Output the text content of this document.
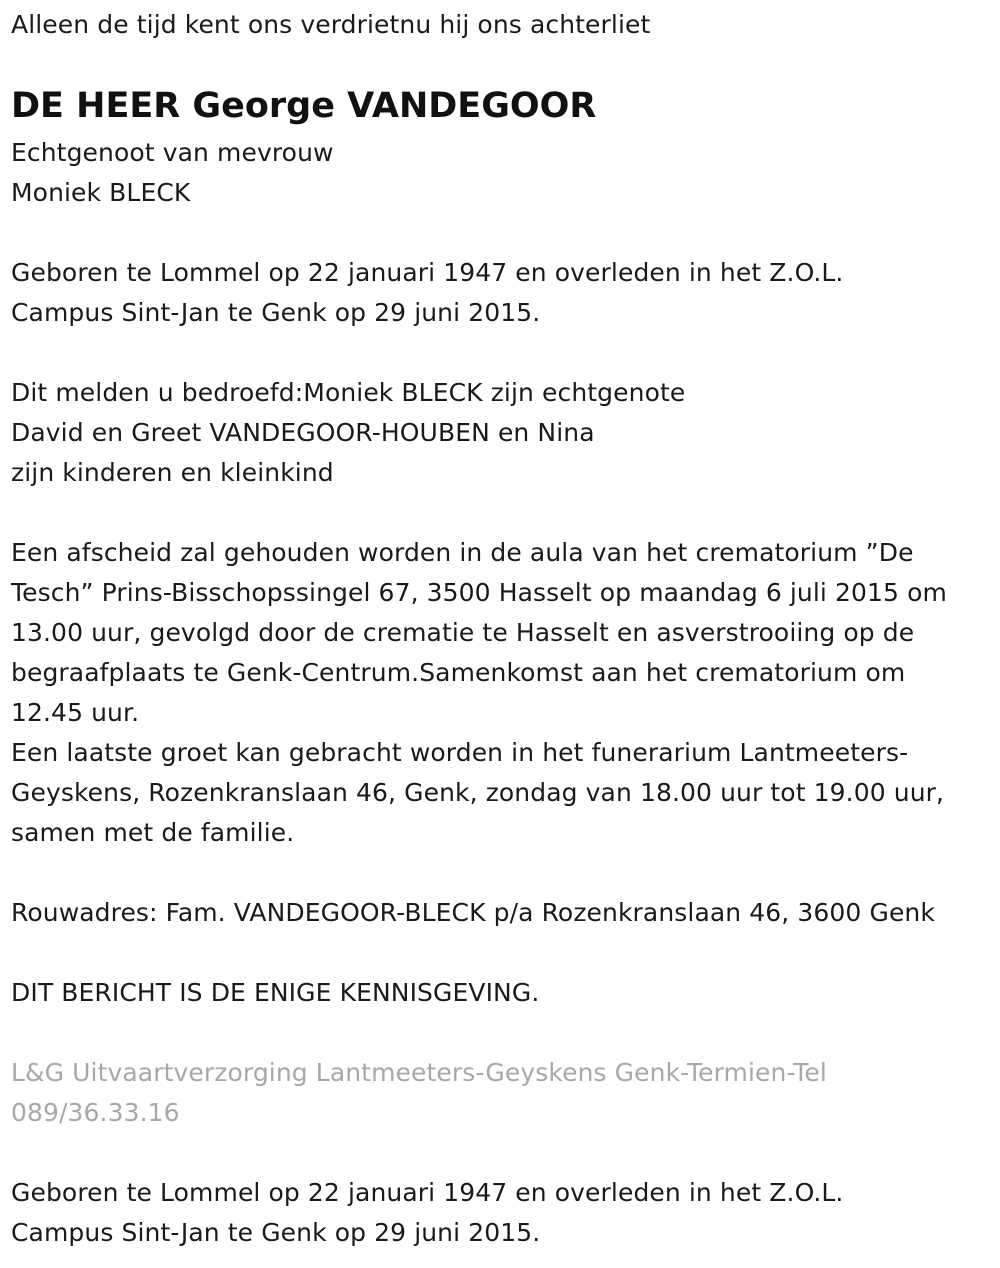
Alleen de tijd kent ons verdrietnu hij ons achterliet
DE HEER George VANDEGOOR
Echtgenoot van mevrouw
Moniek BLECK
Geboren te Lommel op 22 januari 1947 en overleden in het Z.O.L.
Campus Sint-Jan te Genk op 29 juni 2015.
Dit melden u bedroefd:Moniek BLECK zijn echtgenote
David en Greet VANDEGOOR-HOUBEN en Nina
zijn kinderen en kleinkind
Een afscheid zal gehouden worden in de aula van het crematorium ”De
Tesch” Prins-Bisschopssingel 67, 3500 Hasselt op maandag 6 juli 2015 om
13.00 uur, gevolgd door de crematie te Hasselt en asverstrooiing op de
begraafplaats te Genk-Centrum.Samenkomst aan het crematorium om
12.45 uur.
Een laatste groet kan gebracht worden in het funerarium Lantmeeters-
Geyskens, Rozenkranslaan 46, Genk, zondag van 18.00 uur tot 19.00 uur,
samen met de familie.
Rouwadres: Fam. VANDEGOOR-BLECK p/a Rozenkranslaan 46, 3600 Genk
DIT BERICHT IS DE ENIGE KENNISGEVING.
L&G Uitvaartverzorging Lantmeeters-Geyskens Genk-Termien-Tel
089/36.33.16
Geboren te Lommel op 22 januari 1947 en overleden in het Z.O.L.
Campus Sint-Jan te Genk op 29 juni 2015.
